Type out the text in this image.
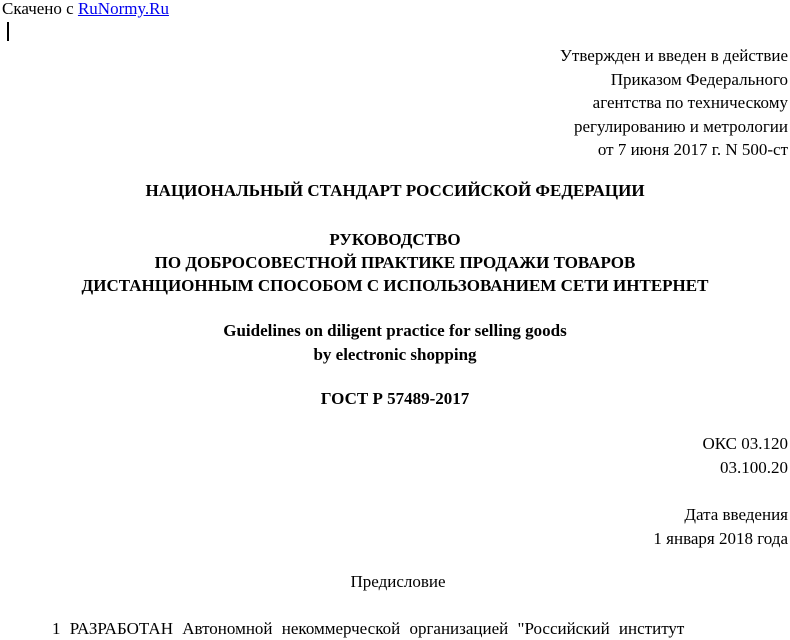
Скачено с RuNormy.Ru
Утвержден и введен в действие
Приказом Федерального
агентства по техническому
регулированию и метрологии
от 7 июня 2017 г. N 500-ст
НАЦИОНАЛЬНЫЙ СТАНДАРТ РОССИЙСКОЙ ФЕДЕРАЦИИ
РУКОВОДСТВО
ПО ДОБРОСОВЕСТНОЙ ПРАКТИКЕ ПРОДАЖИ ТОВАРОВ
ДИСТАНЦИОННЫМ СПОСОБОМ С ИСПОЛЬЗОВАНИЕМ СЕТИ ИНТЕРНЕТ
Guidelines on diligent practice for selling goods
by electronic shopping
ГОСТ Р 57489-2017
ОКС 03.120
03.100.20
Дата введения
1 января 2018 года
Предисловие
1 РАЗРАБОТАН Автономной некоммерческой организацией "Российский институт
